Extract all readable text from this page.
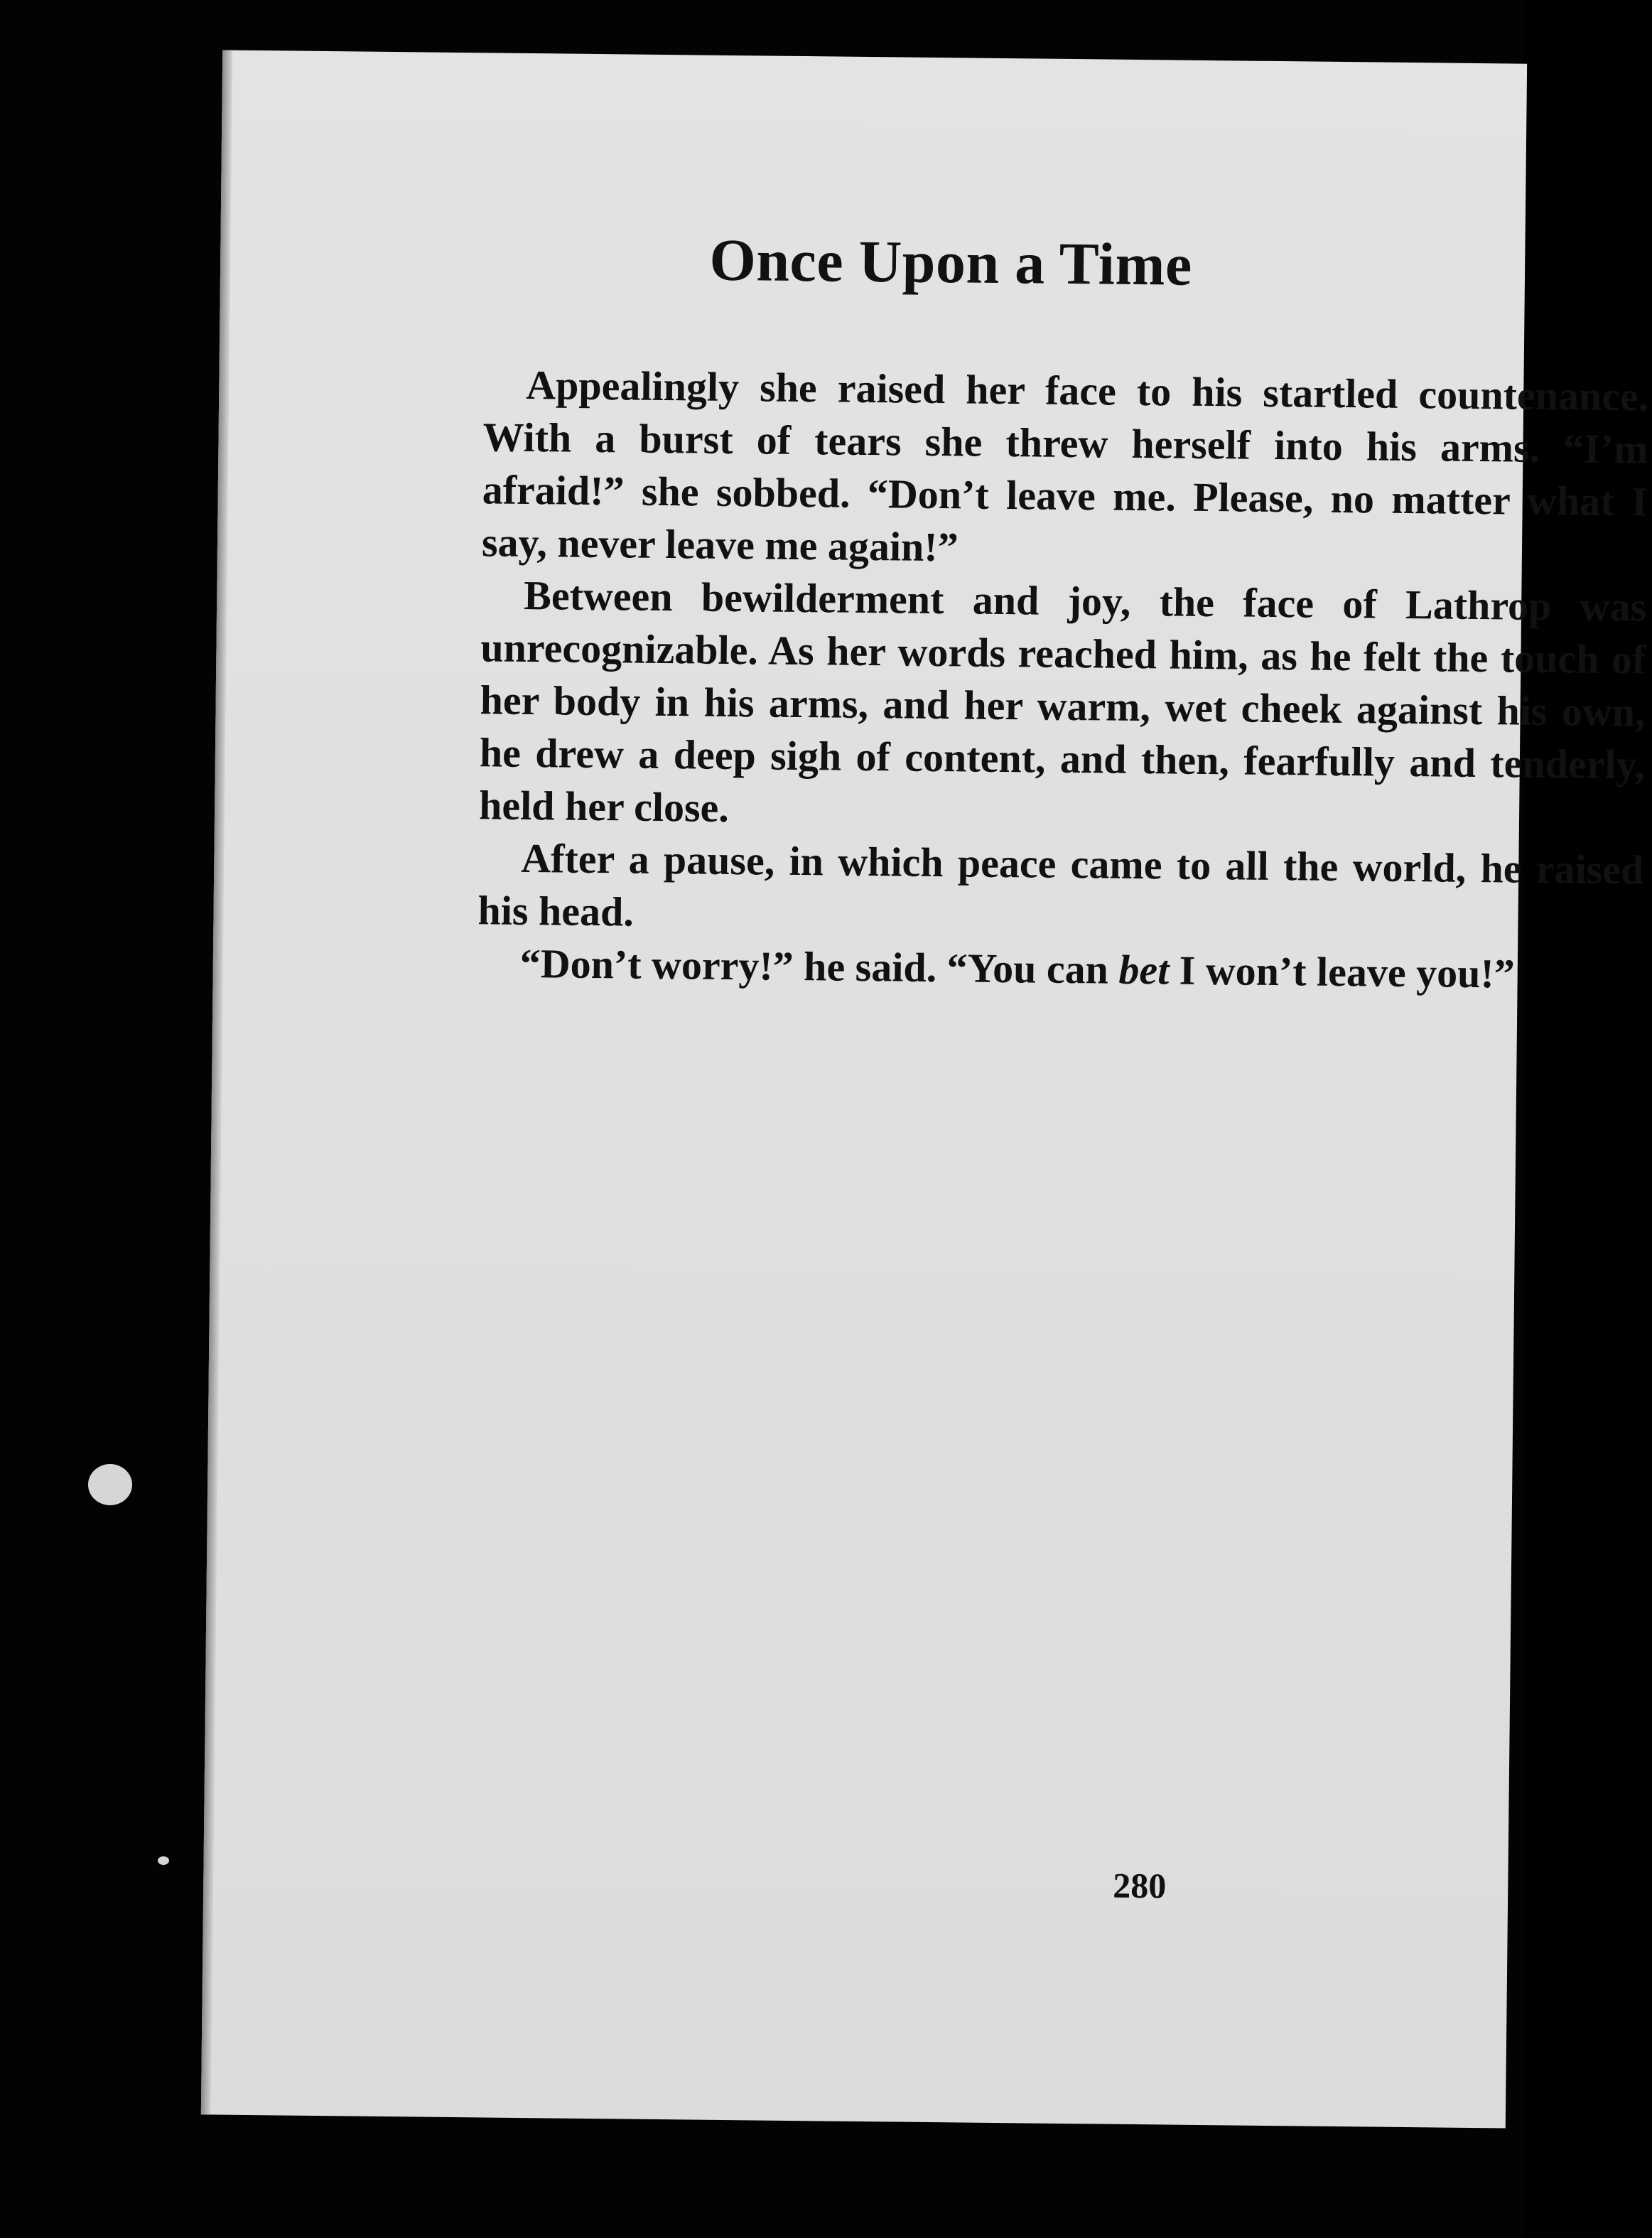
Once Upon a Time

Appealingly she raised her face to his startled countenance. With a burst of tears she threw herself into his arms. “I’m afraid!” she sobbed. “Don’t leave me. Please, no matter what I say, never leave me again!”

Between bewilderment and joy, the face of Lathrop was unrecognizable. As her words reached him, as he felt the touch of her body in his arms, and her warm, wet cheek against his own, he drew a deep sigh of content, and then, fearfully and tenderly, held her close.

After a pause, in which peace came to all the world, he raised his head.

“Don’t worry!” he said. “You can bet I won’t leave you!”

280
